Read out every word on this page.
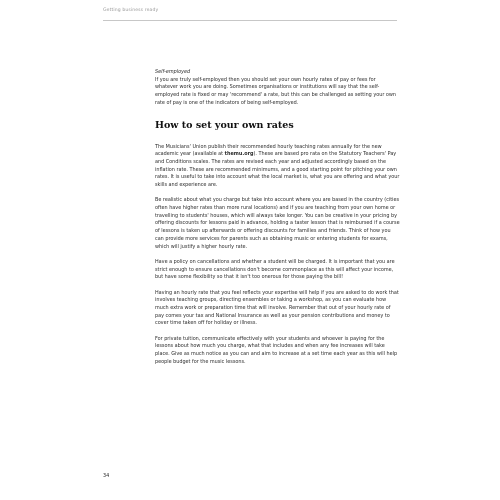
Getting business ready
Self-employed

If you are truly self-employed then you should set your own hourly rates of pay or fees for whatever work you are doing. Sometimes organisations or institutions will say that the self-employed rate is fixed or may 'recommend' a rate, but this can be challenged as setting your own rate of pay is one of the indicators of being self-employed.

How to set your own rates

The Musicians' Union publish their recommended hourly teaching rates annually for the new academic year (available at themu.org). These are based pro rata on the Statutory Teachers' Pay and Conditions scales. The rates are revised each year and adjusted accordingly based on the inflation rate. These are recommended minimums, and a good starting point for pitching your own rates. It is useful to take into account what the local market is, what you are offering and what your skills and experience are.

Be realistic about what you charge but take into account where you are based in the country (cities often have higher rates than more rural locations) and if you are teaching from your own home or travelling to students' houses, which will always take longer. You can be creative in your pricing by offering discounts for lessons paid in advance, holding a taster lesson that is reimbursed if a course of lessons is taken up afterwards or offering discounts for families and friends. Think of how you can provide more services for parents such as obtaining music or entering students for exams, which will justify a higher hourly rate.

Have a policy on cancellations and whether a student will be charged. It is important that you are strict enough to ensure cancellations don't become commonplace as this will affect your income, but have some flexibility so that it isn't too onerous for those paying the bill!

Having an hourly rate that you feel reflects your expertise will help if you are asked to do work that involves teaching groups, directing ensembles or taking a workshop, as you can evaluate how much extra work or preparation time that will involve. Remember that out of your hourly rate of pay comes your tax and National Insurance as well as your pension contributions and money to cover time taken off for holiday or illness.

For private tuition, communicate effectively with your students and whoever is paying for the lessons about how much you charge, what that includes and when any fee increases will take place. Give as much notice as you can and aim to increase at a set time each year as this will help people budget for the music lessons.

34
